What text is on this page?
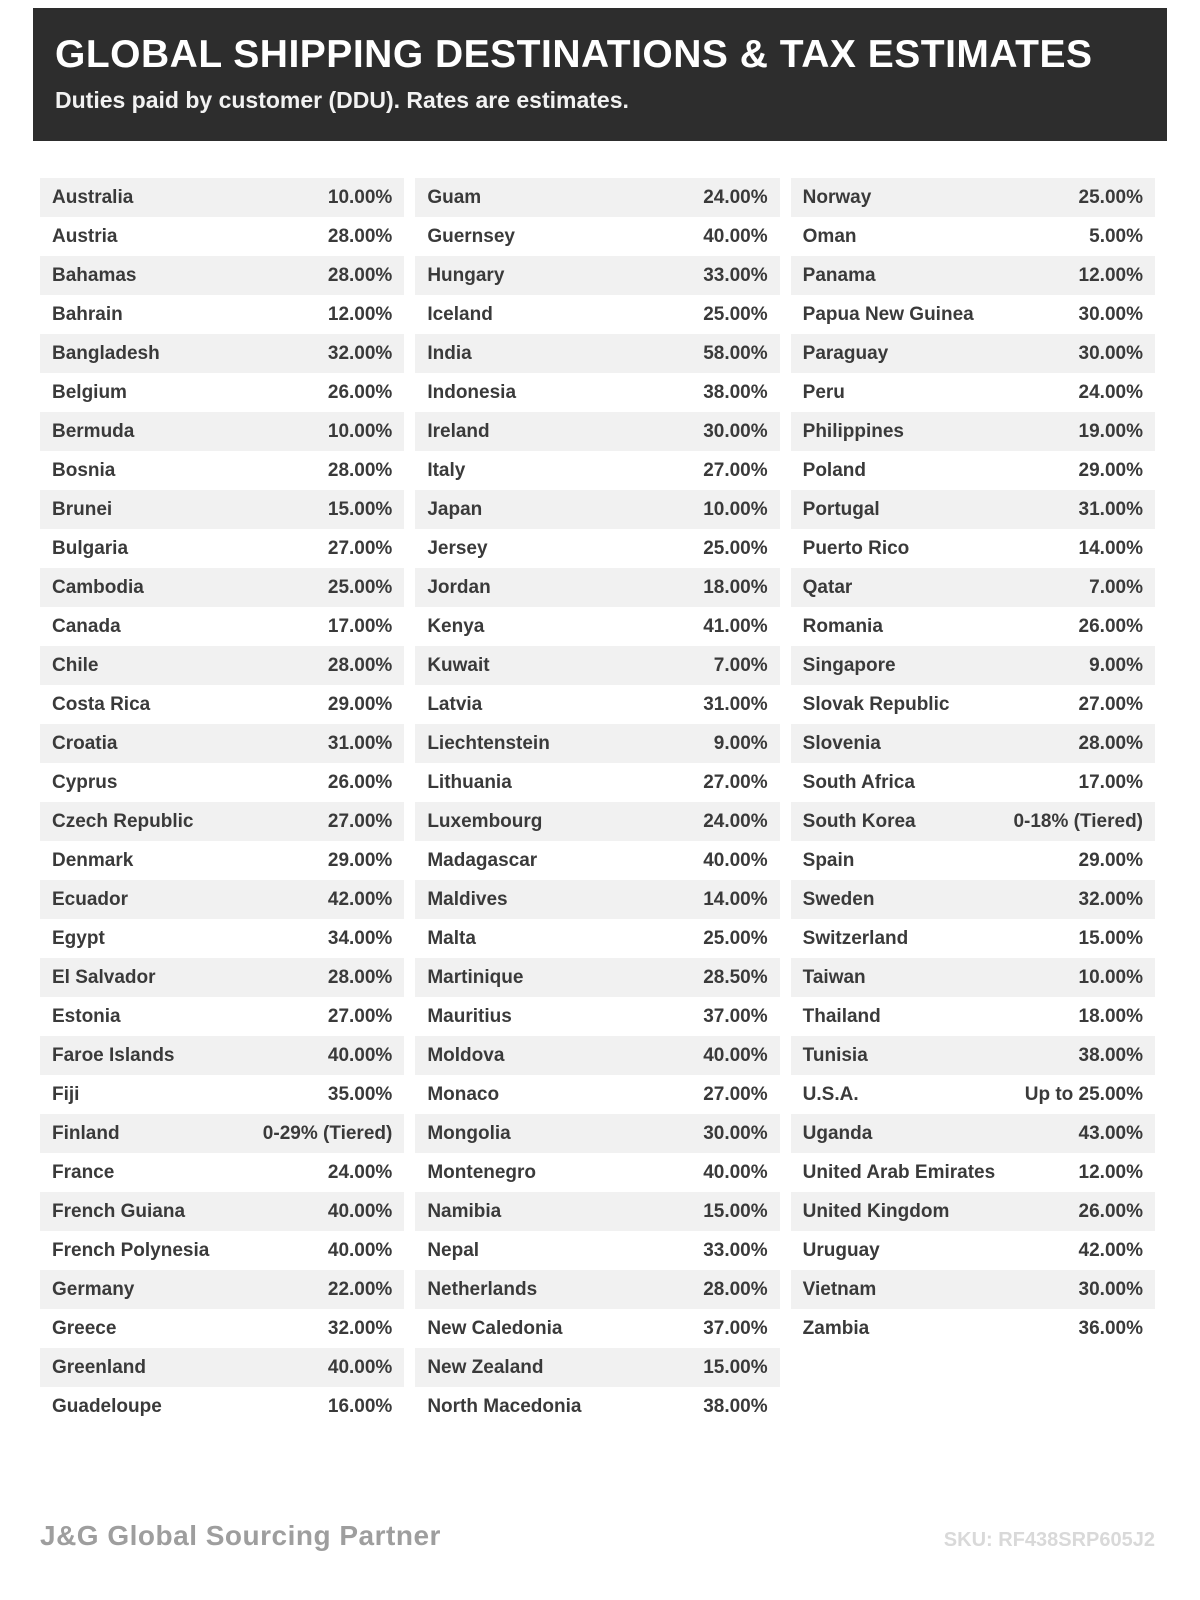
GLOBAL SHIPPING DESTINATIONS & TAX ESTIMATES
Duties paid by customer (DDU). Rates are estimates.
Australia	10.00%
Austria	28.00%
Bahamas	28.00%
Bahrain	12.00%
Bangladesh	32.00%
Belgium	26.00%
Bermuda	10.00%
Bosnia	28.00%
Brunei	15.00%
Bulgaria	27.00%
Cambodia	25.00%
Canada	17.00%
Chile	28.00%
Costa Rica	29.00%
Croatia	31.00%
Cyprus	26.00%
Czech Republic	27.00%
Denmark	29.00%
Ecuador	42.00%
Egypt	34.00%
El Salvador	28.00%
Estonia	27.00%
Faroe Islands	40.00%
Fiji	35.00%
Finland	0-29% (Tiered)
France	24.00%
French Guiana	40.00%
French Polynesia	40.00%
Germany	22.00%
Greece	32.00%
Greenland	40.00%
Guadeloupe	16.00%
Guam	24.00%
Guernsey	40.00%
Hungary	33.00%
Iceland	25.00%
India	58.00%
Indonesia	38.00%
Ireland	30.00%
Italy	27.00%
Japan	10.00%
Jersey	25.00%
Jordan	18.00%
Kenya	41.00%
Kuwait	7.00%
Latvia	31.00%
Liechtenstein	9.00%
Lithuania	27.00%
Luxembourg	24.00%
Madagascar	40.00%
Maldives	14.00%
Malta	25.00%
Martinique	28.50%
Mauritius	37.00%
Moldova	40.00%
Monaco	27.00%
Mongolia	30.00%
Montenegro	40.00%
Namibia	15.00%
Nepal	33.00%
Netherlands	28.00%
New Caledonia	37.00%
New Zealand	15.00%
North Macedonia	38.00%
Norway	25.00%
Oman	5.00%
Panama	12.00%
Papua New Guinea	30.00%
Paraguay	30.00%
Peru	24.00%
Philippines	19.00%
Poland	29.00%
Portugal	31.00%
Puerto Rico	14.00%
Qatar	7.00%
Romania	26.00%
Singapore	9.00%
Slovak Republic	27.00%
Slovenia	28.00%
South Africa	17.00%
South Korea	0-18% (Tiered)
Spain	29.00%
Sweden	32.00%
Switzerland	15.00%
Taiwan	10.00%
Thailand	18.00%
Tunisia	38.00%
U.S.A.	Up to 25.00%
Uganda	43.00%
United Arab Emirates	12.00%
United Kingdom	26.00%
Uruguay	42.00%
Vietnam	30.00%
Zambia	36.00%
J&G Global Sourcing Partner	SKU: RF438SRP605J2
